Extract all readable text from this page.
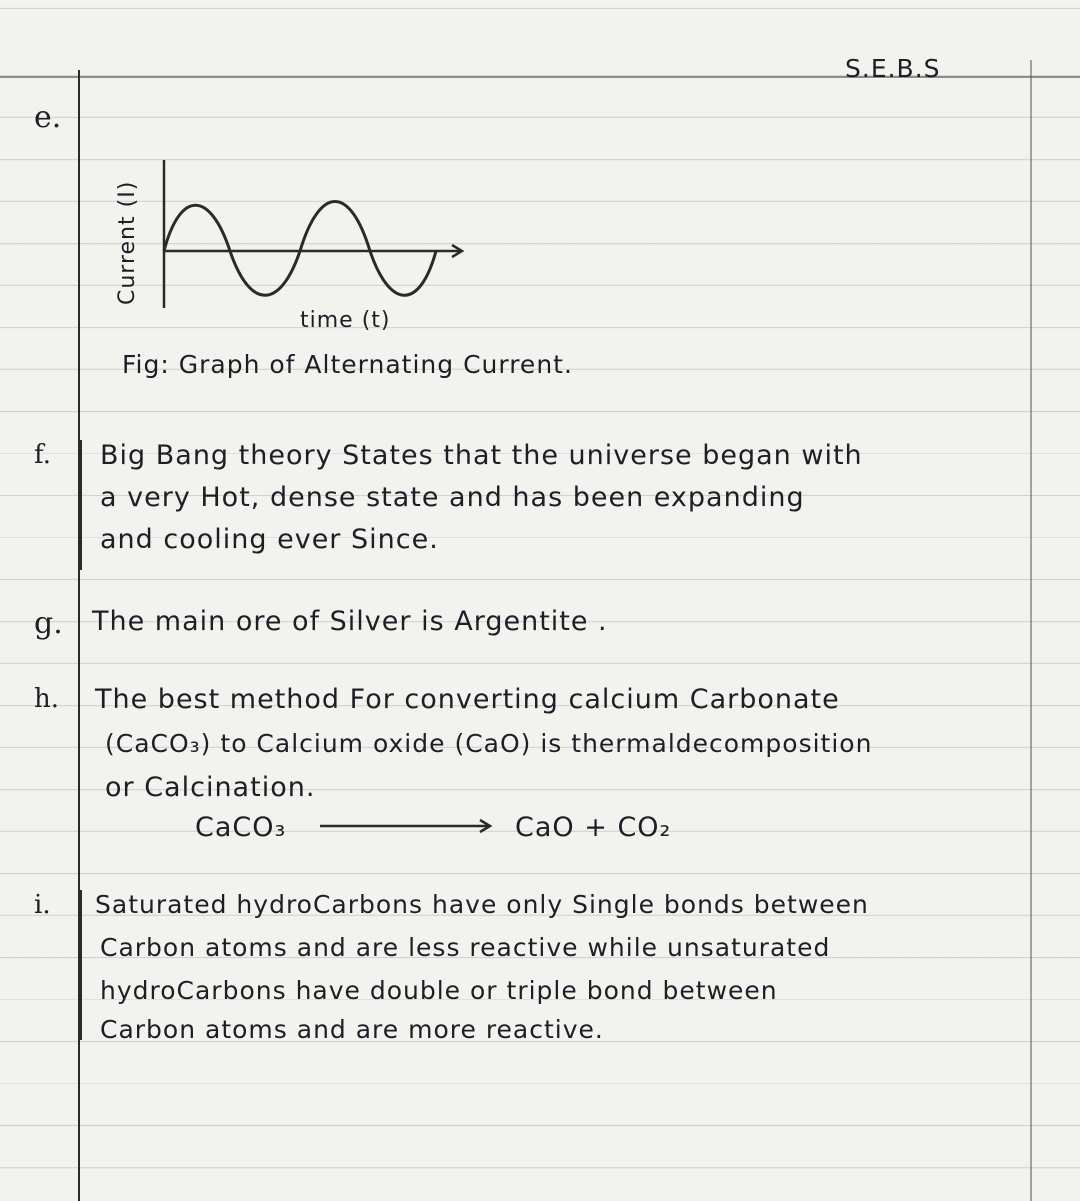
S.E.B.S
e.
Current (I)
time (t)
Fig: Graph of Alternating Current.
f. Big Bang theory States that the universe began with
a very Hot, dense state and has been expanding
and cooling ever Since.
g. The main ore of Silver is Argentite .
h. The best method For converting calcium Carbonate
(CaCO₃) to Calcium oxide (CaO) is thermaldecomposition
or Calcination.
CaCO₃	CaO + CO₂
i. Saturated hydroCarbons have only Single bonds between
Carbon atoms and are less reactive while unsaturated
hydroCarbons have double or triple bond between
Carbon atoms and are more reactive.
